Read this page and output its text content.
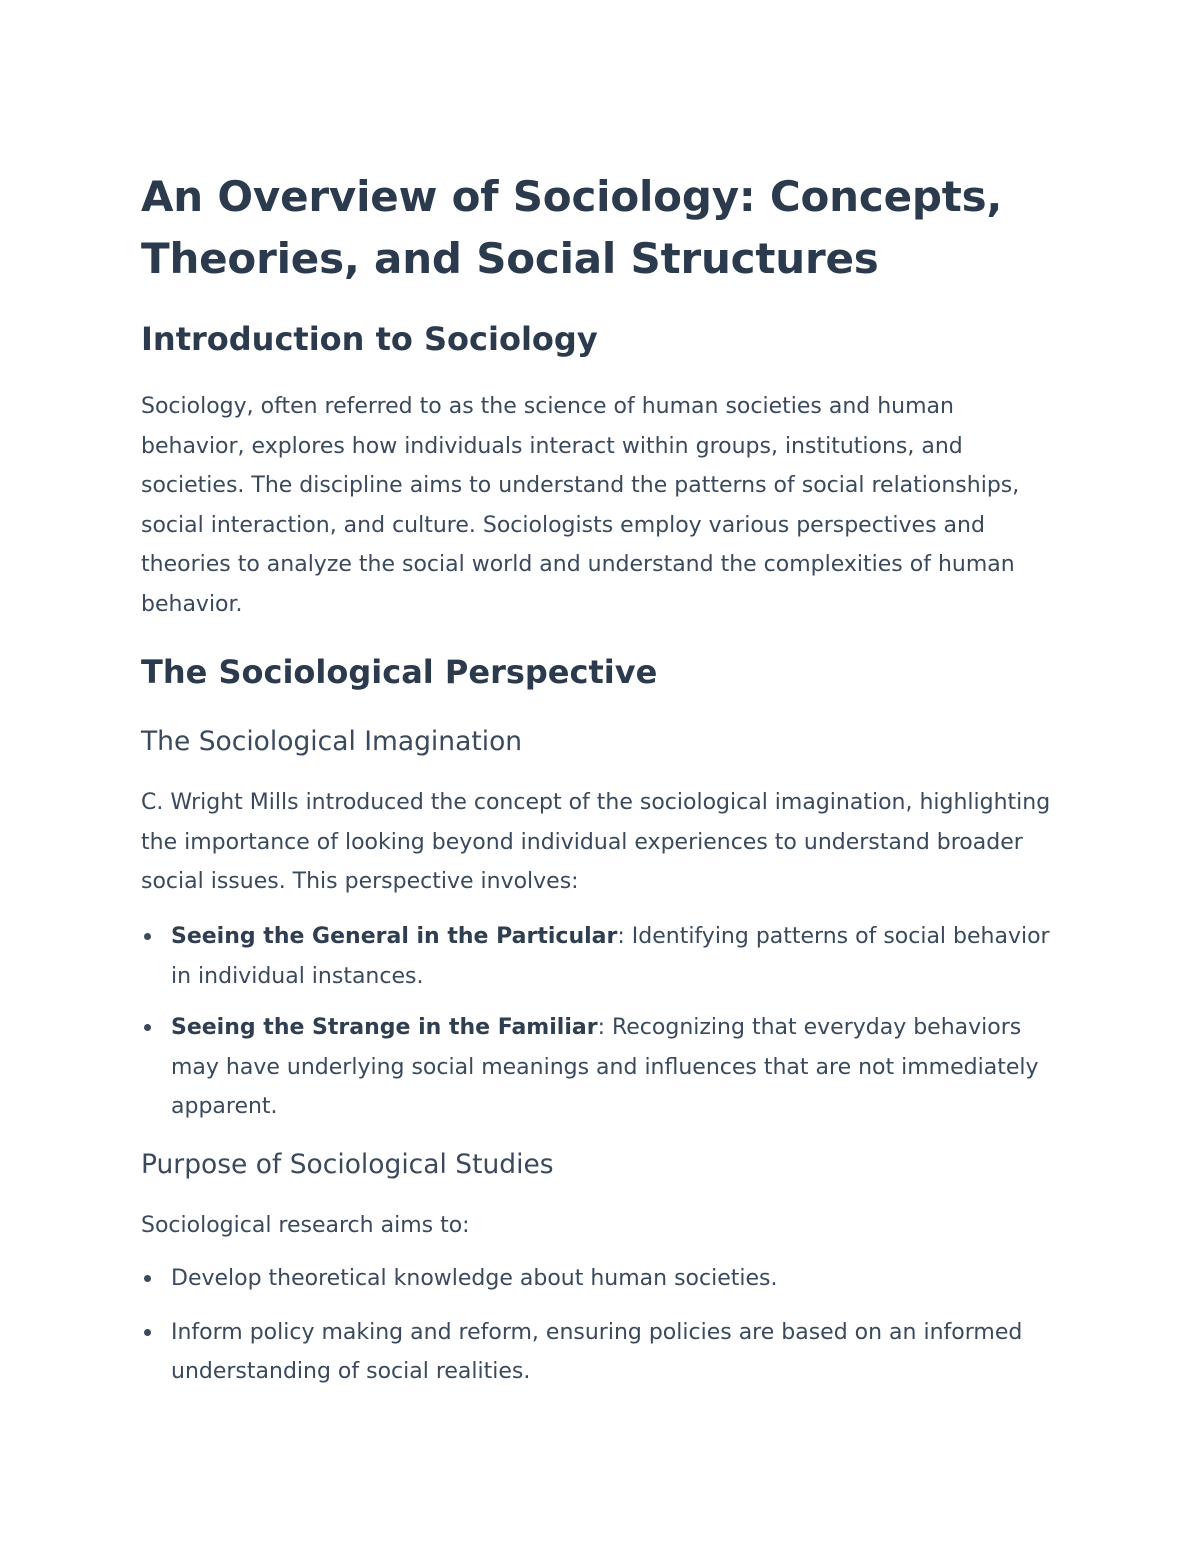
An Overview of Sociology: Concepts, Theories, and Social Structures
Introduction to Sociology

Sociology, often referred to as the science of human societies and human behavior, explores how individuals interact within groups, institutions, and societies. The discipline aims to understand the patterns of social relationships, social interaction, and culture. Sociologists employ various perspectives and theories to analyze the social world and understand the complexities of human behavior.

The Sociological Perspective
The Sociological Imagination

C. Wright Mills introduced the concept of the sociological imagination, highlighting the importance of looking beyond individual experiences to understand broader social issues. This perspective involves:

Seeing the General in the Particular: Identifying patterns of social behavior in individual instances.
Seeing the Strange in the Familiar: Recognizing that everyday behaviors may have underlying social meanings and influences that are not immediately apparent.
Purpose of Sociological Studies

Sociological research aims to:

Develop theoretical knowledge about human societies.
Inform policy making and reform, ensuring policies are based on an informed understanding of social realities.
